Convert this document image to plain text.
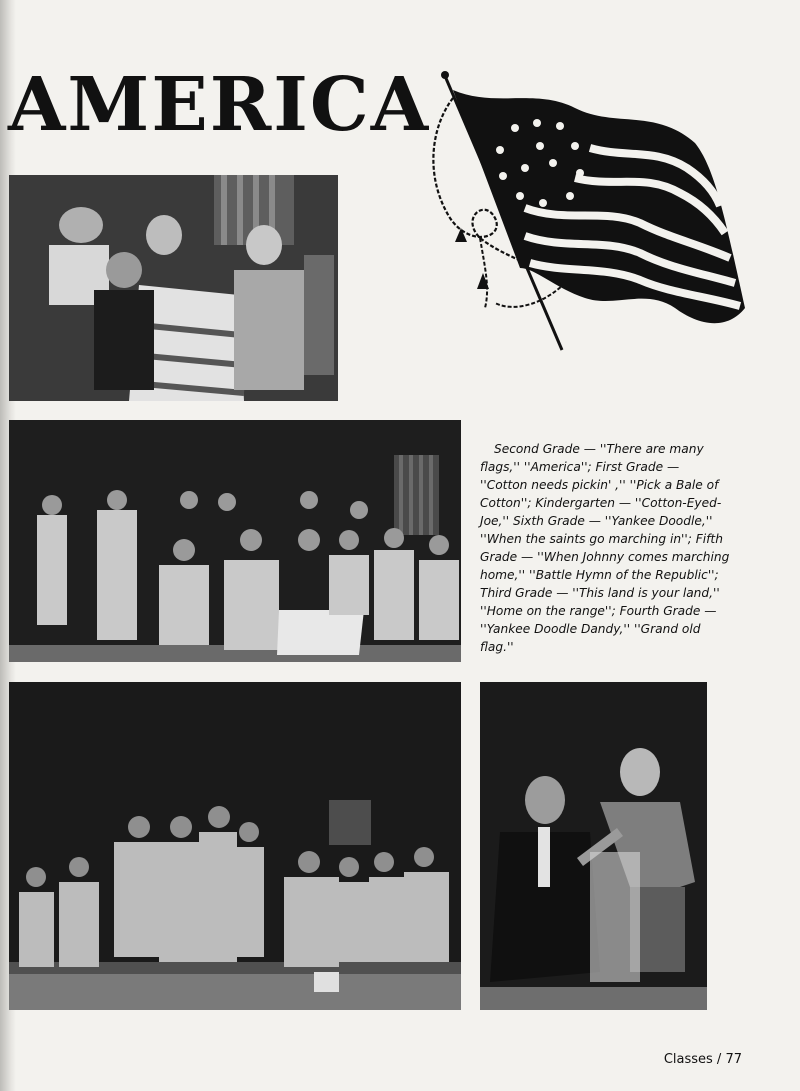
AMERICA
Second Grade — ''There are many flags,'' ''America''; First Grade — ''Cotton needs pickin' ,'' ''Pick a Bale of Cotton''; Kindergarten — ''Cotton-Eyed-Joe,'' Sixth Grade — ''Yankee Doodle,'' ''When the saints go marching in''; Fifth Grade — ''When Johnny comes marching home,'' ''Battle Hymn of the Republic''; Third Grade — ''This land is your land,'' ''Home on the range''; Fourth Grade — ''Yankee Doodle Dandy,'' ''Grand old flag.''
Classes / 77
